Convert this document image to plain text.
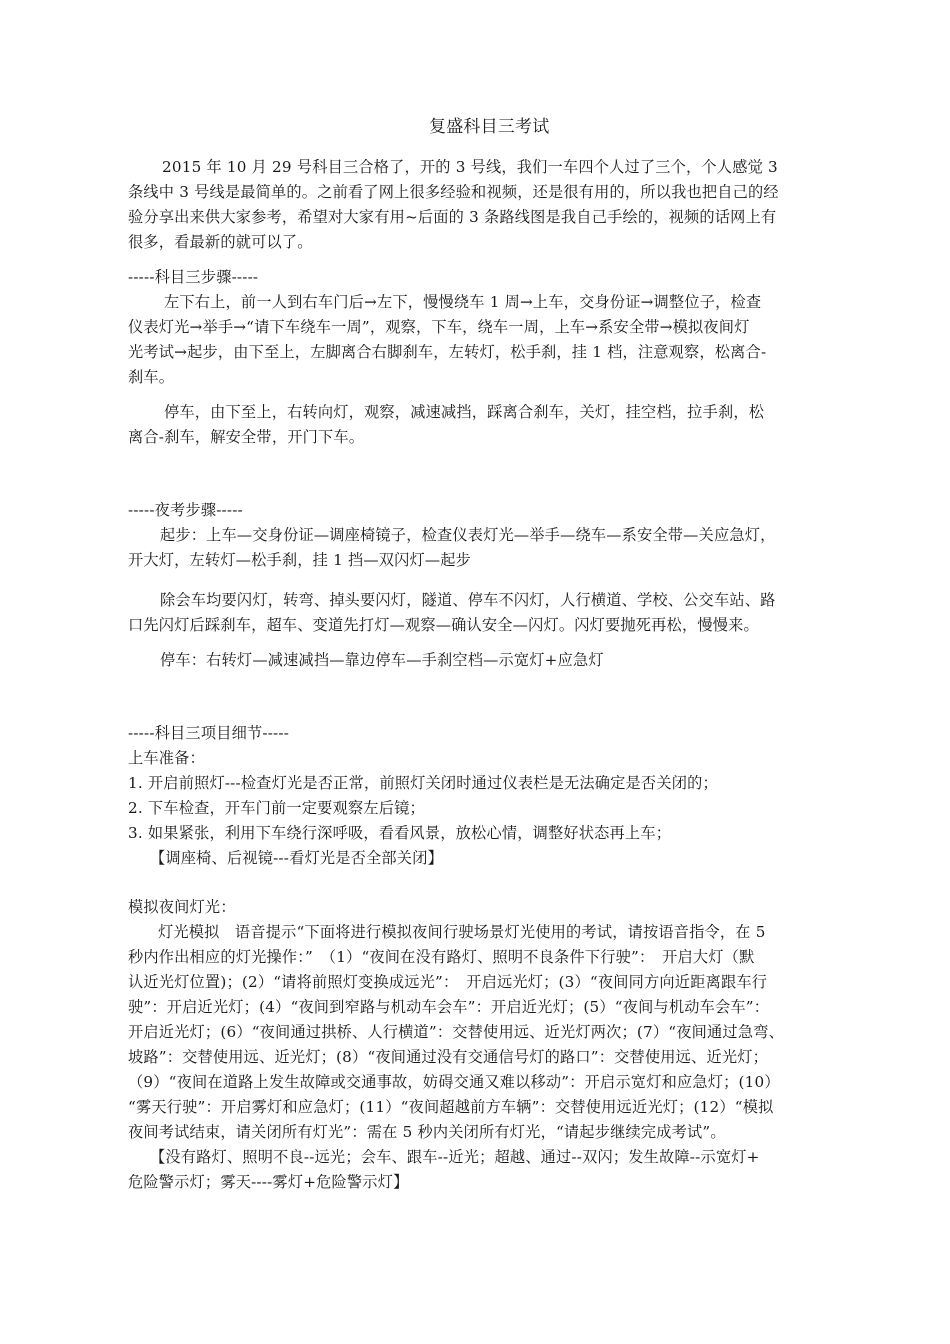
复盛科目三考试
2015 年 10 月 29 号科目三合格了，开的 3 号线，我们一车四个人过了三个，个人感觉 3
条线中 3 号线是最简单的。之前看了网上很多经验和视频，还是很有用的，所以我也把自己的经
验分享出来供大家参考，希望对大家有用~后面的 3 条路线图是我自己手绘的，视频的话网上有
很多，看最新的就可以了。
-----科目三步骤-----
左下右上，前一人到右车门后→左下，慢慢绕车 1 周→上车，交身份证→调整位子，检查
仪表灯光→举手→“请下车绕车一周”，观察，下车，绕车一周，上车→系安全带→模拟夜间灯
光考试→起步，由下至上，左脚离合右脚刹车，左转灯，松手刹，挂 1 档，注意观察，松离合-
刹车。
停车，由下至上，右转向灯，观察，减速减挡，踩离合刹车，关灯，挂空档，拉手刹，松
离合-刹车，解安全带，开门下车。
-----夜考步骤-----
起步：上车—交身份证—调座椅镜子，检查仪表灯光—举手—绕车—系安全带—关应急灯，
开大灯，左转灯—松手刹，挂 1 挡—双闪灯—起步
除会车均要闪灯，转弯、掉头要闪灯，隧道、停车不闪灯，人行横道、学校、公交车站、路
口先闪灯后踩刹车，超车、变道先打灯—观察—确认安全—闪灯。闪灯要抛死再松，慢慢来。
停车：右转灯—减速减挡—靠边停车—手刹空档—示宽灯+应急灯
-----科目三项目细节-----
上车准备：
1. 开启前照灯---检查灯光是否正常，前照灯关闭时通过仪表栏是无法确定是否关闭的；
2. 下车检查，开车门前一定要观察左后镜；
3. 如果紧张，利用下车绕行深呼吸，看看风景，放松心情，调整好状态再上车；
【调座椅、后视镜---看灯光是否全部关闭】
模拟夜间灯光：
灯光模拟　语音提示“下面将进行模拟夜间行驶场景灯光使用的考试，请按语音指令，在 5
秒内作出相应的灯光操作：”　（1）“夜间在没有路灯、照明不良条件下行驶”：　开启大灯（默
认近光灯位置)；(2）“请将前照灯变换成远光”：　开启远光灯；(3）“夜间同方向近距离跟车行
驶”：开启近光灯；(4）“夜间到窄路与机动车会车”：开启近光灯；(5）“夜间与机动车会车”：
开启近光灯；(6）“夜间通过拱桥、人行横道”：交替使用远、近光灯两次；(7）“夜间通过急弯、
坡路”：交替使用远、近光灯；(8）“夜间通过没有交通信号灯的路口”：交替使用远、近光灯；
（9）“夜间在道路上发生故障或交通事故，妨碍交通又难以移动”：开启示宽灯和应急灯；(10）
“雾天行驶”：开启雾灯和应急灯；(11）“夜间超越前方车辆”：交替使用远近光灯；(12）“模拟
夜间考试结束，请关闭所有灯光”：需在 5 秒内关闭所有灯光，“请起步继续完成考试”。
【没有路灯、照明不良--远光；会车、跟车--近光；超越、通过--双闪；发生故障--示宽灯+
危险警示灯；雾天----雾灯+危险警示灯】
